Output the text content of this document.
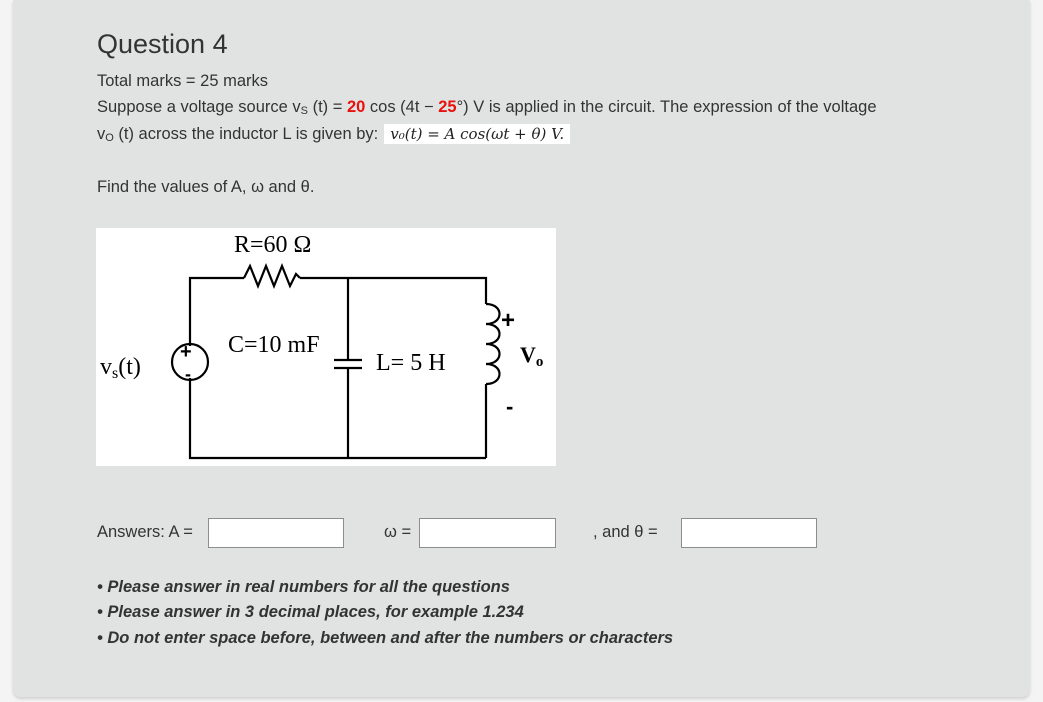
Question 4
Total marks = 25 marks
Suppose a voltage source vS (t) = 20 cos (4t − 25°) V is applied in the circuit. The expression of the voltage
vO (t) across the inductor L is given by: v₀(t) = A cos(ωt + θ) V.
Find the values of A, ω and θ.
+
-
R=60 Ω
C=10 mF
L= 5 H
vs(t)
+
-
Vo
Answers: A =	ω =	, and θ =
• Please answer in real numbers for all the questions
• Please answer in 3 decimal places, for example 1.234
• Do not enter space before, between and after the numbers or characters
